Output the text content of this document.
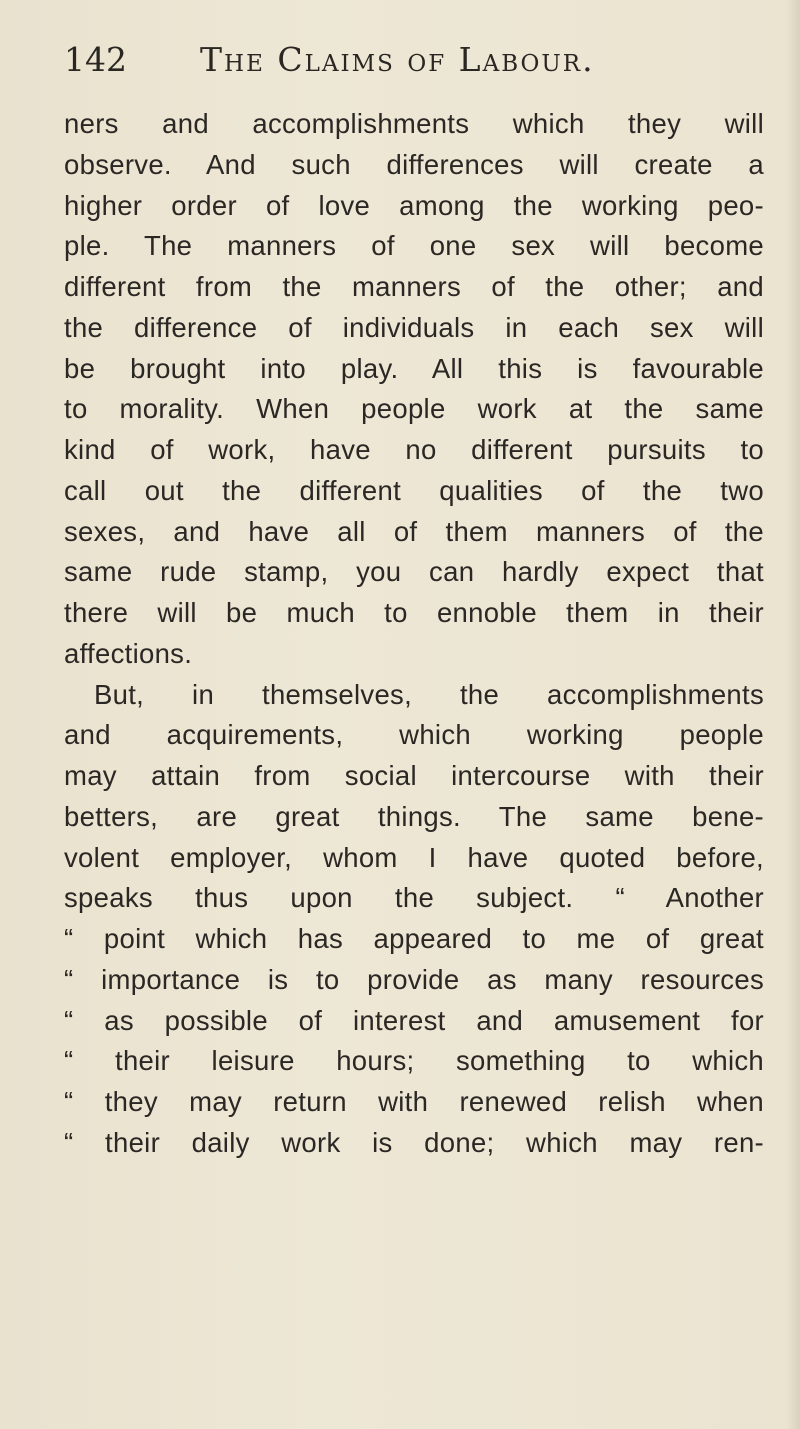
142 The Claims of Labour.
ners and accomplishments which they will
observe. And such differences will create a
higher order of love among the working peo-
ple. The manners of one sex will become
different from the manners of the other; and
the difference of individuals in each sex will
be brought into play. All this is favourable
to morality. When people work at the same
kind of work, have no different pursuits to
call out the different qualities of the two
sexes, and have all of them manners of the
same rude stamp, you can hardly expect that
there will be much to ennoble them in their
affections.
But, in themselves, the accomplishments
and acquirements, which working people
may attain from social intercourse with their
betters, are great things. The same bene-
volent employer, whom I have quoted before,
speaks thus upon the subject. “ Another
“ point which has appeared to me of great
“ importance is to provide as many resources
“ as possible of interest and amusement for
“ their leisure hours; something to which
“ they may return with renewed relish when
“ their daily work is done; which may ren-
